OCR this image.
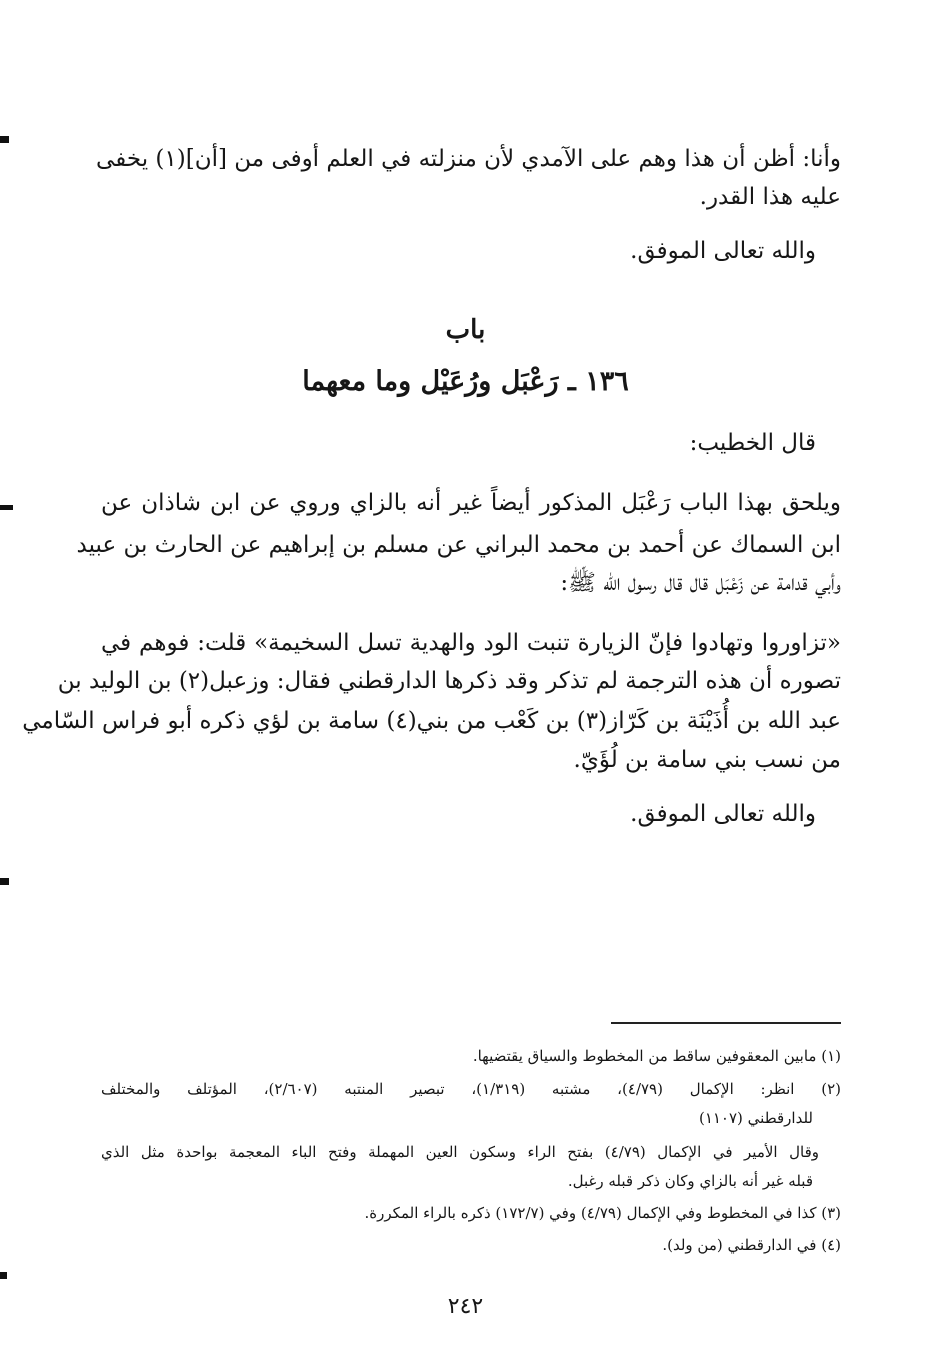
وأنا: أظن أن هذا وهم على الآمدي لأن منزلته في العلم أوفى من [أن](١) يخفى
عليه هذا القدر.
والله تعالى الموفق.
باب
١٣٦ ـ رَعْبَل ورُعَيْل وما معهما
قال الخطيب:
ويلحق بهذا الباب رَعْبَل المذكور أيضاً غير أنه بالزاي وروي عن ابن شاذان عن
ابن السماك عن أحمد بن محمد البراني عن مسلم بن إبراهيم عن الحارث بن عبيد
وأبي قدامة عن زَعْبَل قال قال رسول الله ﷺ:
«تزاوروا وتهادوا فإنّ الزيارة تنبت الود والهدية تسل السخيمة» قلت: فوهم في
تصوره أن هذه الترجمة لم تذكر وقد ذكرها الدارقطني فقال: وزعبل(٢) بن الوليد بن
عبد الله بن أُذَيْنَة بن كَرّاز(٣) بن كَعْب من بني(٤) سامة بن لؤي ذكره أبو فراس السّامي
من نسب بني سامة بن لُؤَيّ.
والله تعالى الموفق.
(١) مابين المعقوفين ساقط من المخطوط والسياق يقتضيها.
(٢) انظر: الإكمال (٤/٧٩)، مشتبه (١/٣١٩)، تبصير المنتبه (٢/٦٠٧)، المؤتلف والمختلف
للدارقطني (١١٠٧)
وقال الأمير في الإكمال (٤/٧٩) بفتح الراء وسكون العين المهملة وفتح الباء المعجمة بواحدة مثل الذي
قبله غير أنه بالزاي وكان ذكر قبله رغبل.
(٣) كذا في المخطوط وفي الإكمال (٤/٧٩) وفي (١٧٢/٧) ذكره بالراء المكررة.
(٤) في الدارقطني (من ولد).
٢٤٢
